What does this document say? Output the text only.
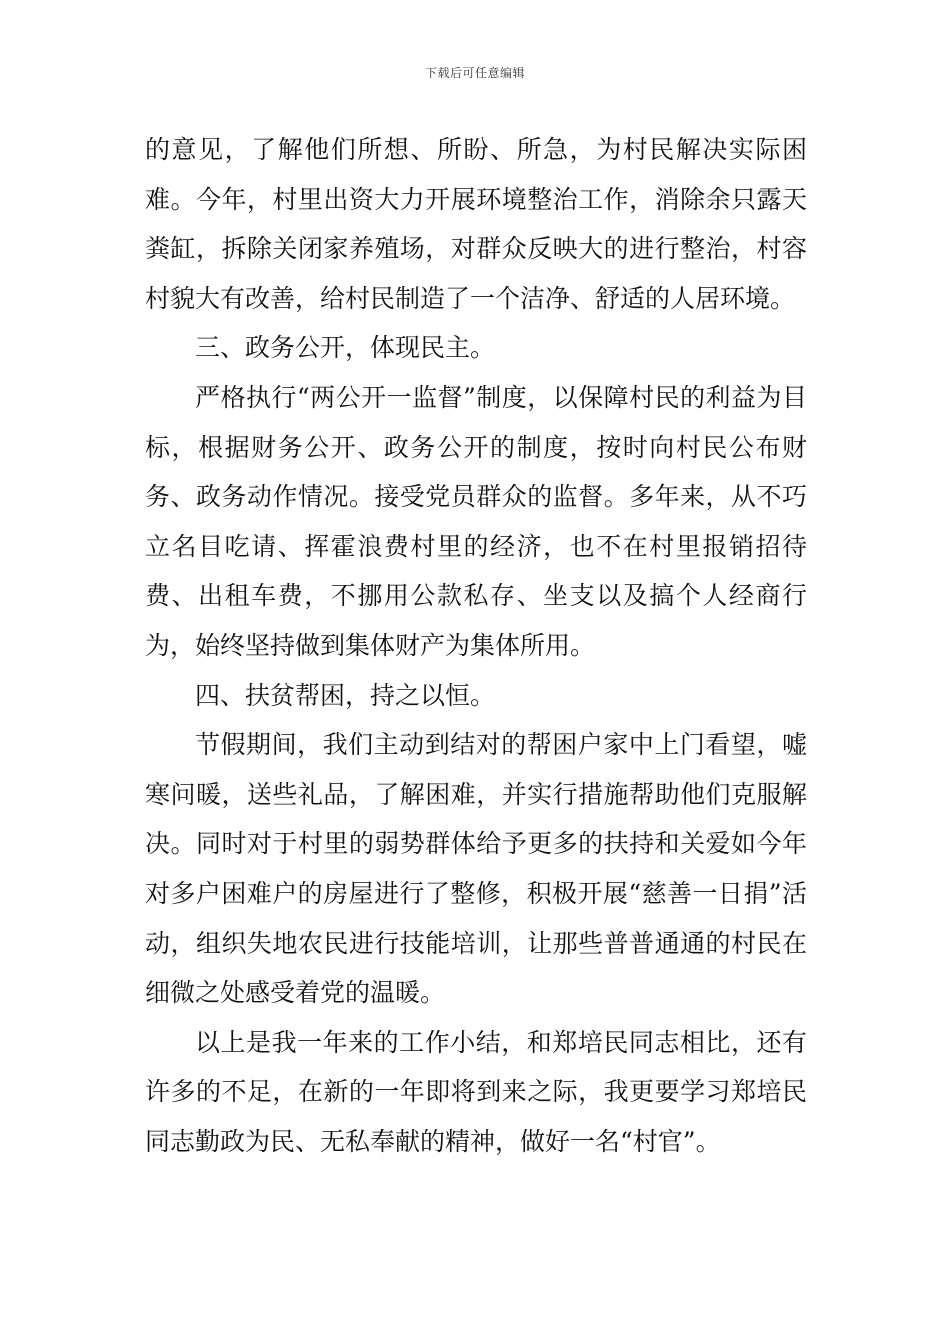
下载后可任意编辑

的意见，了解他们所想、所盼、所急，为村民解决实际困难。今年，村里出资大力开展环境整治工作，消除余只露天粪缸，拆除关闭家养殖场，对群众反映大的进行整治，村容村貌大有改善，给村民制造了一个洁净、舒适的人居环境。

三、政务公开，体现民主。

严格执行“两公开一监督”制度，以保障村民的利益为目标，根据财务公开、政务公开的制度，按时向村民公布财务、政务动作情况。接受党员群众的监督。多年来，从不巧立名目吃请、挥霍浪费村里的经济，也不在村里报销招待费、出租车费，不挪用公款私存、坐支以及搞个人经商行为，始终坚持做到集体财产为集体所用。

四、扶贫帮困，持之以恒。

节假期间，我们主动到结对的帮困户家中上门看望，嘘寒问暖，送些礼品，了解困难，并实行措施帮助他们克服解决。同时对于村里的弱势群体给予更多的扶持和关爱如今年对多户困难户的房屋进行了整修，积极开展“慈善一日捐”活动，组织失地农民进行技能培训，让那些普普通通的村民在细微之处感受着党的温暖。

以上是我一年来的工作小结，和郑培民同志相比，还有许多的不足，在新的一年即将到来之际，我更要学习郑培民同志勤政为民、无私奉献的精神，做好一名“村官”。
